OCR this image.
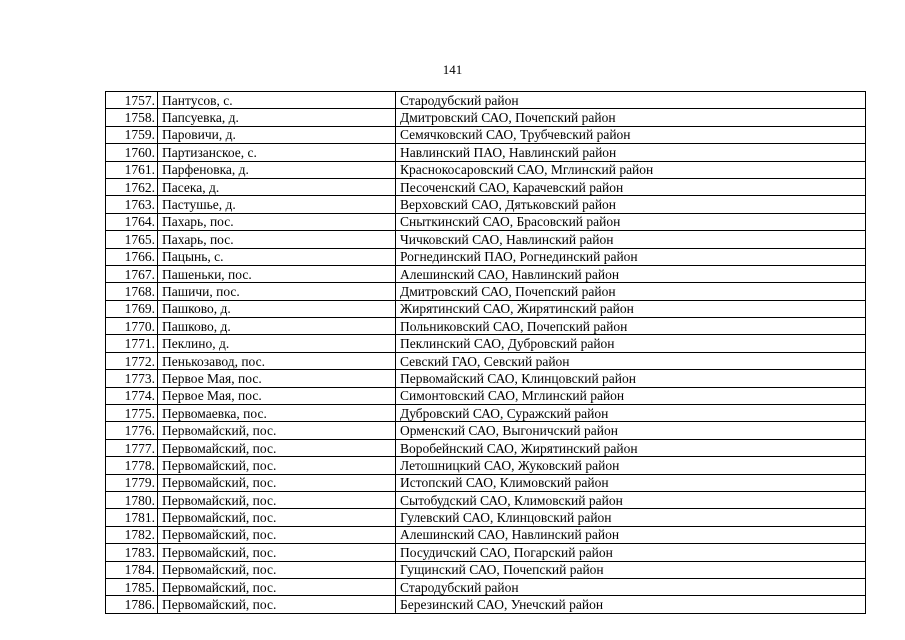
141
1757.	Пантусов, с.	Стародубский район
1758.	Папсуевка, д.	Дмитровский САО, Почепский район
1759.	Паровичи, д.	Семячковский САО, Трубчевский район
1760.	Партизанское, с.	Навлинский ПАО, Навлинский район
1761.	Парфеновка, д.	Краснокосаровский САО, Мглинский район
1762.	Пасека, д.	Песоченский САО, Карачевский район
1763.	Пастушье, д.	Верховский САО, Дятьковский район
1764.	Пахарь, пос.	Сныткинский САО, Брасовский район
1765.	Пахарь, пос.	Чичковский САО, Навлинский район
1766.	Пацынь, с.	Рогнединский ПАО, Рогнединский район
1767.	Пашеньки, пос.	Алешинский САО, Навлинский район
1768.	Пашичи, пос.	Дмитровский САО, Почепский район
1769.	Пашково, д.	Жирятинский САО, Жирятинский район
1770.	Пашково, д.	Польниковский САО, Почепский район
1771.	Пеклино, д.	Пеклинский САО, Дубровский район
1772.	Пенькозавод, пос.	Севский ГАО, Севский район
1773.	Первое Мая, пос.	Первомайский САО, Клинцовский район
1774.	Первое Мая, пос.	Симонтовский САО, Мглинский район
1775.	Первомаевка, пос.	Дубровский САО, Суражский район
1776.	Первомайский, пос.	Орменский САО, Выгоничский район
1777.	Первомайский, пос.	Воробейнский САО, Жирятинский район
1778.	Первомайский, пос.	Летошницкий САО, Жуковский район
1779.	Первомайский, пос.	Истопский САО, Климовский район
1780.	Первомайский, пос.	Сытобудский САО, Климовский район
1781.	Первомайский, пос.	Гулевский САО, Клинцовский район
1782.	Первомайский, пос.	Алешинский САО, Навлинский район
1783.	Первомайский, пос.	Посудичский САО, Погарский район
1784.	Первомайский, пос.	Гущинский САО, Почепский район
1785.	Первомайский, пос.	Стародубский район
1786.	Первомайский, пос.	Березинский САО, Унечский район
